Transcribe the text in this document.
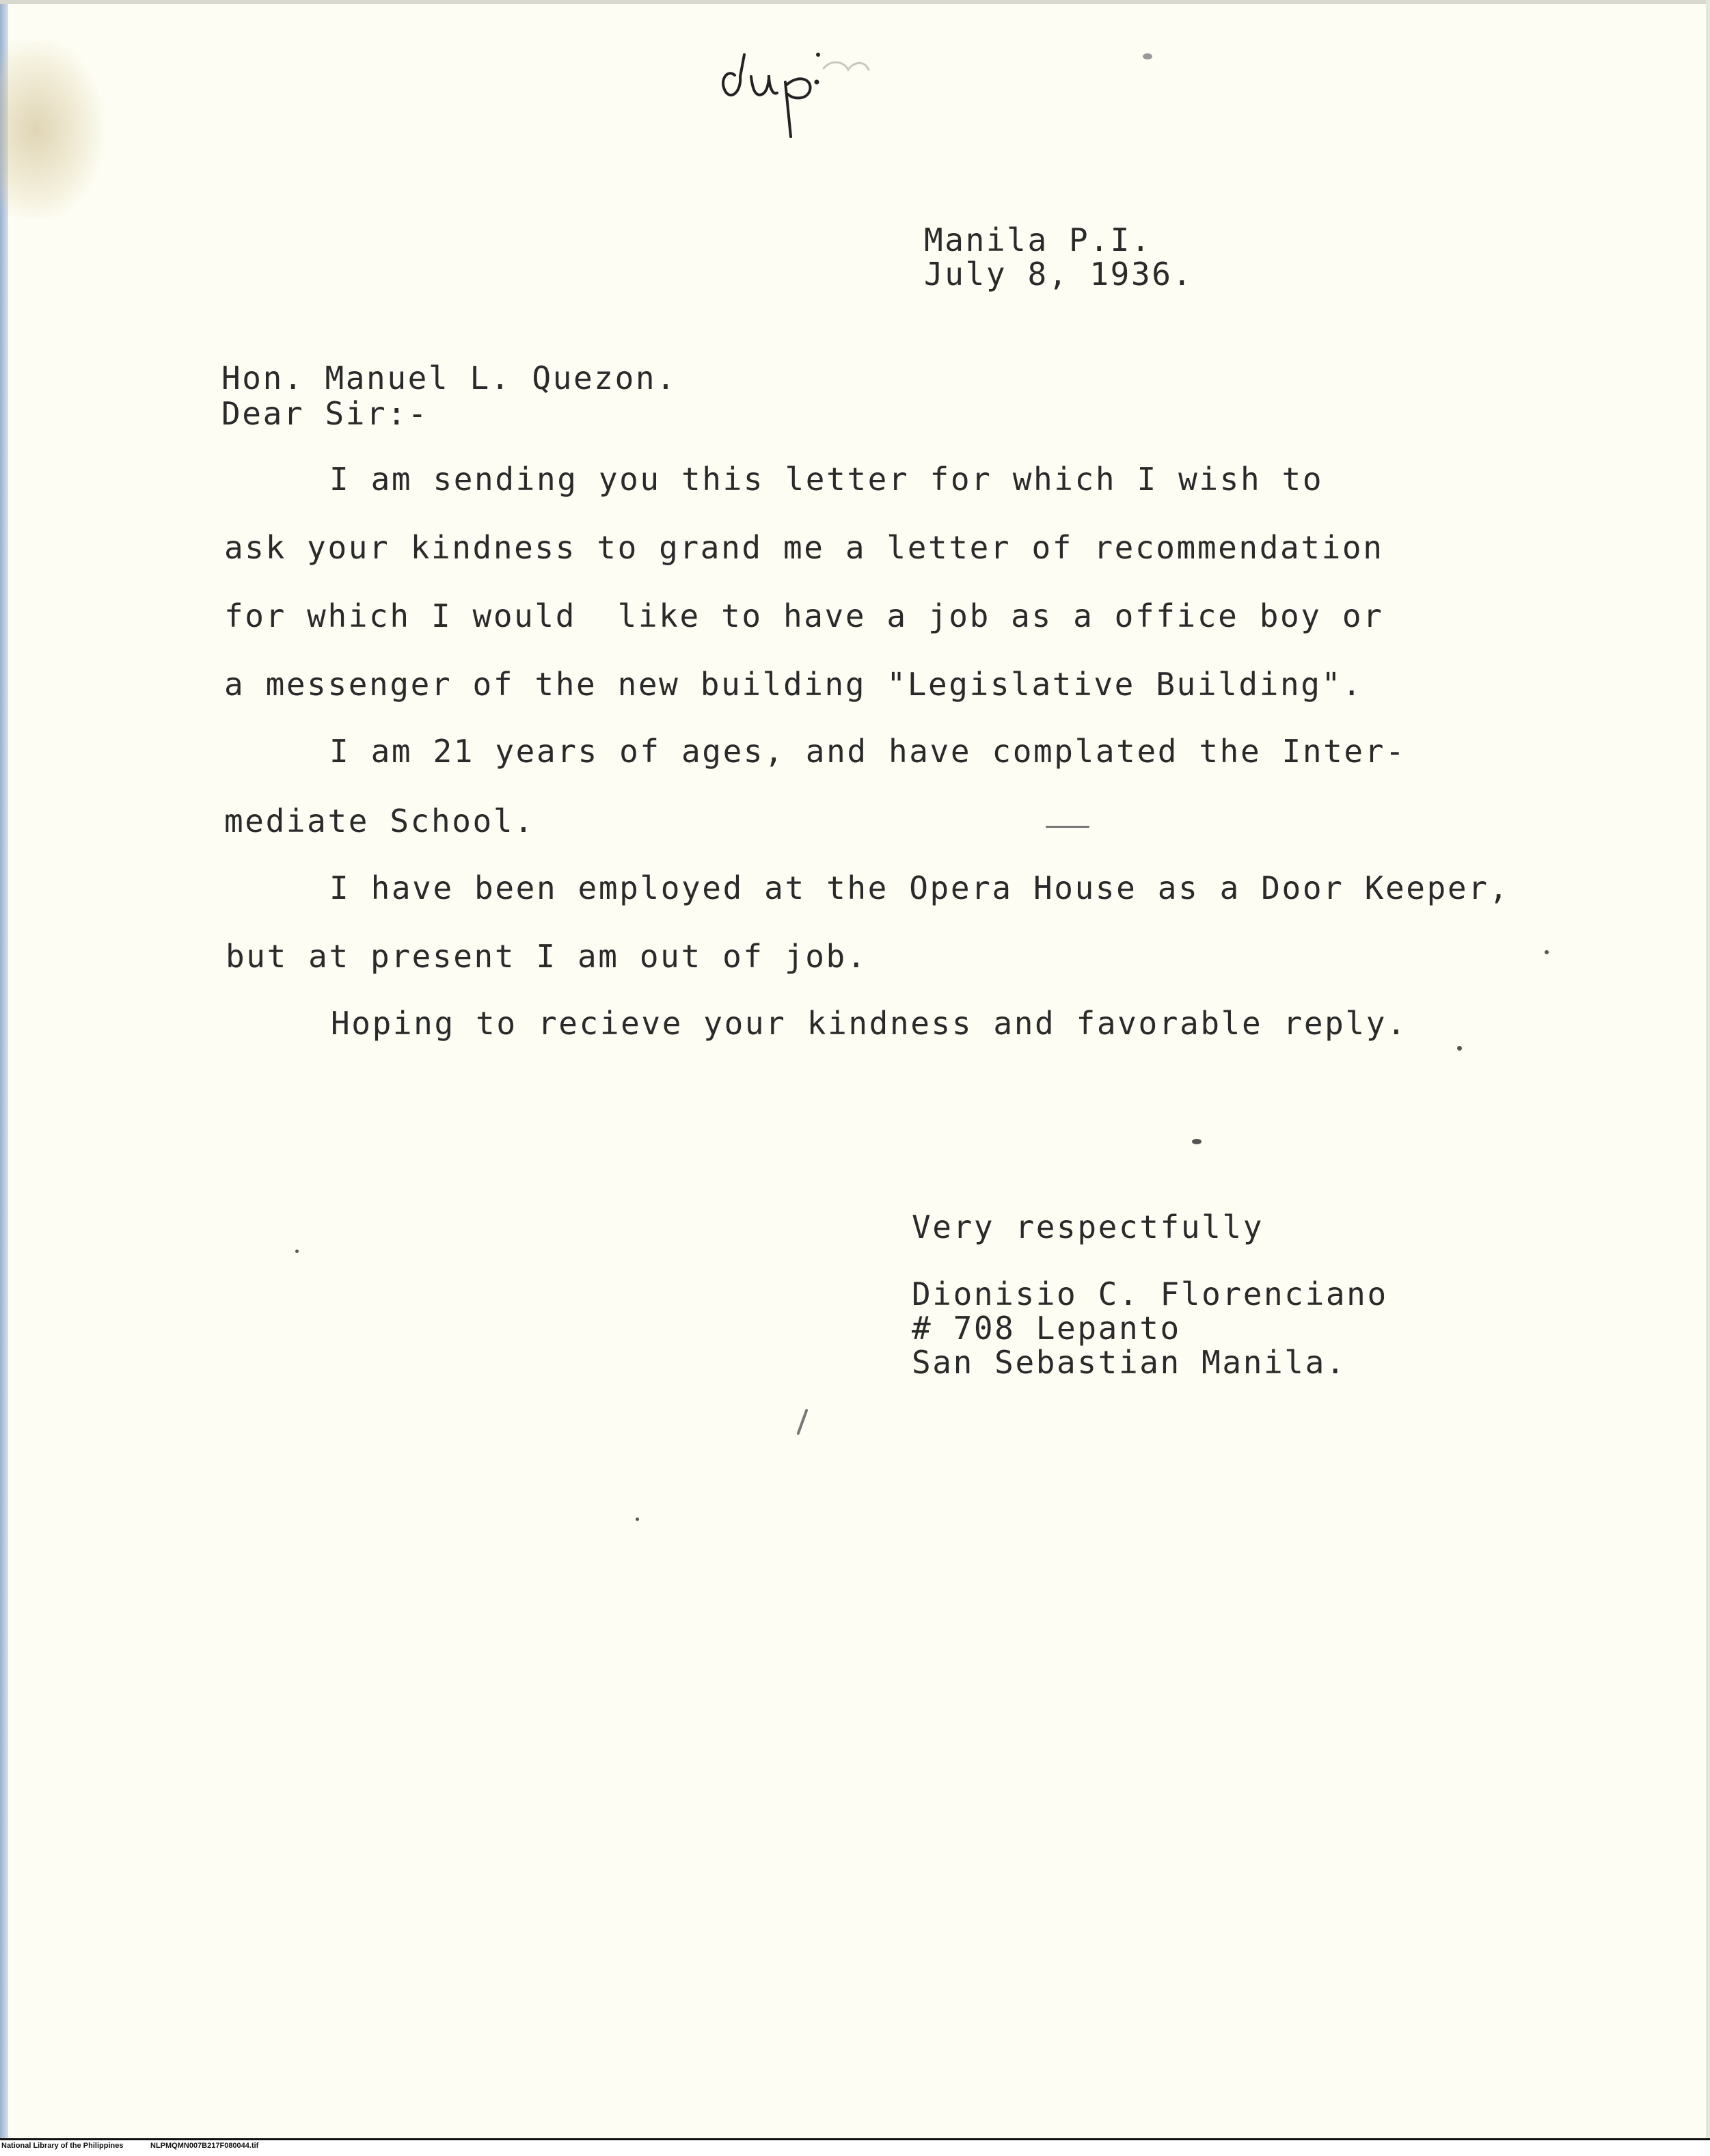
Manila P.I.
July 8, 1936.
Hon. Manuel L. Quezon.
Dear Sir:-
I am sending you this letter for which I wish to
ask your kindness to grand me a letter of recommendation
for which I would  like to have a job as a office boy or
a messenger of the new building "Legislative Building".
I am 21 years of ages, and have complated the Inter-
mediate School.
I have been employed at the Opera House as a Door Keeper,
but at present I am out of job.
Hoping to recieve your kindness and favorable reply.
Very respectfully
Dionisio C. Florenciano
# 708 Lepanto
San Sebastian Manila.
National Library of the Philippines	NLPMQMN007B217F080044.tif
